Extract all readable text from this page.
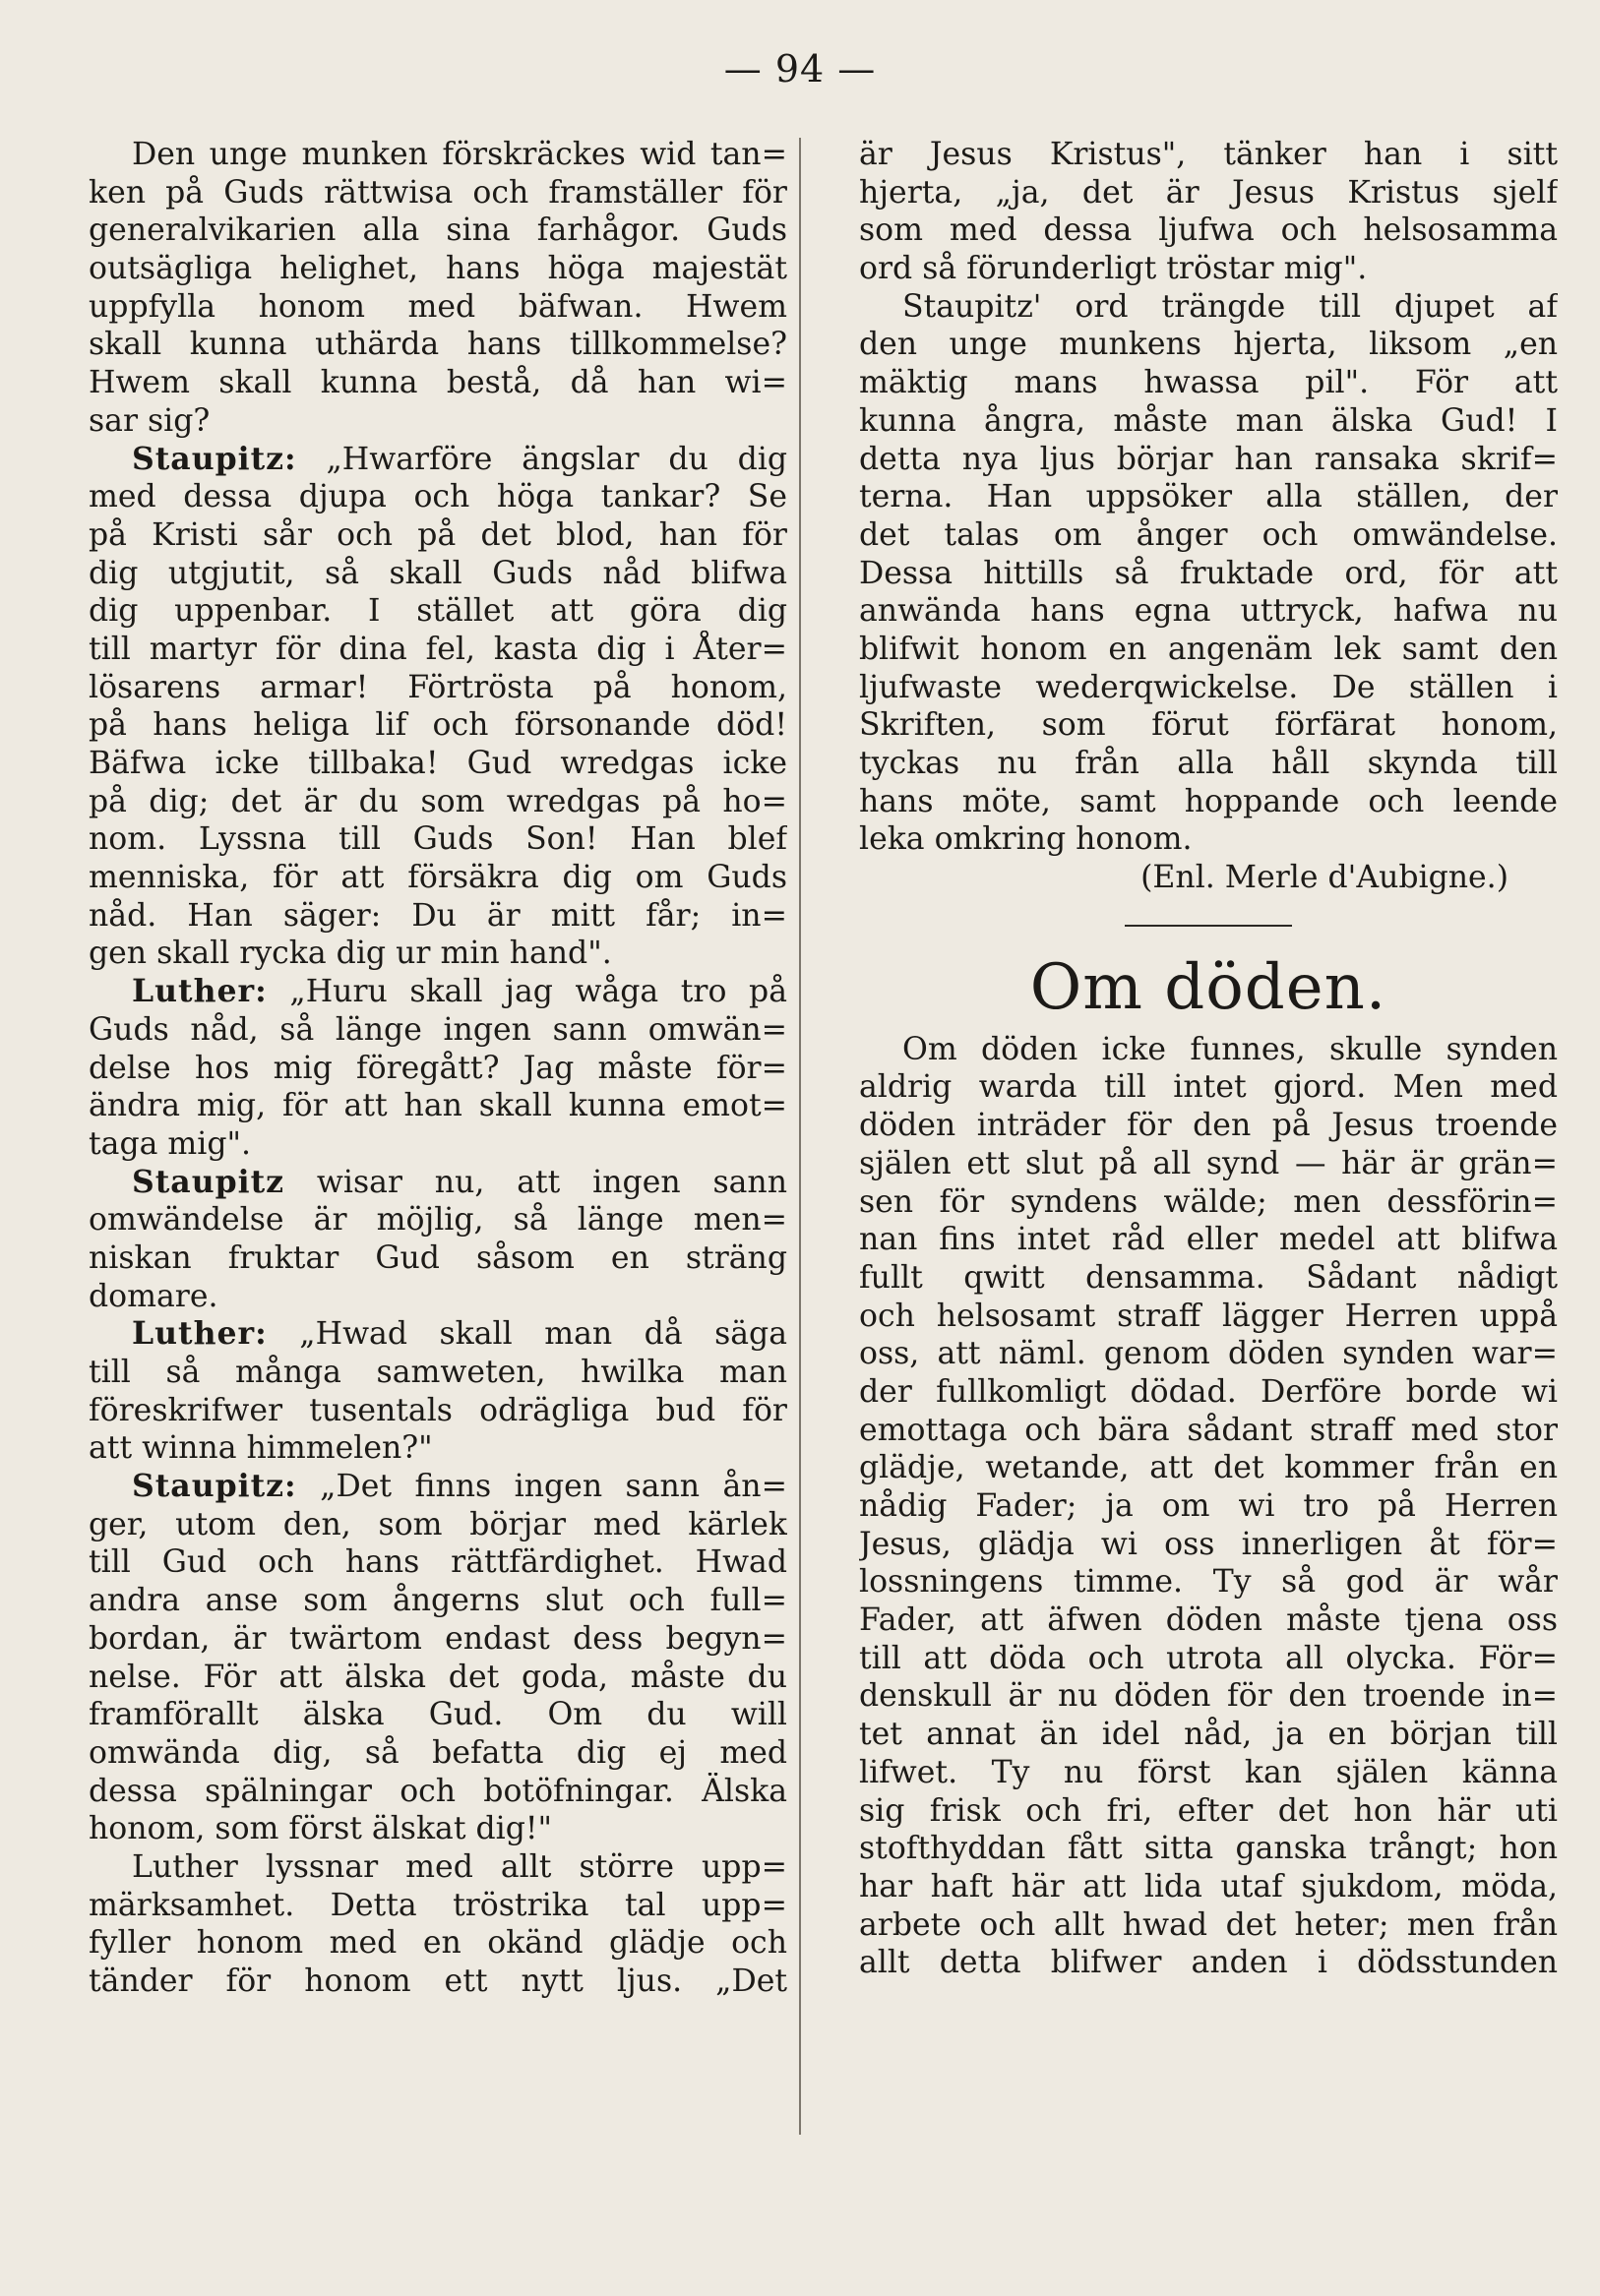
— 94 —
Den unge munken förskräckes wid tan=
ken på Guds rättwisa och framställer för
generalvikarien alla sina farhågor. Guds
outsägliga helighet, hans höga majestät
uppfylla honom med bäfwan. Hwem
skall kunna uthärda hans tillkommelse?
Hwem skall kunna bestå, då han wi=
sar sig?
Staupitz: „Hwarföre ängslar du dig
med dessa djupa och höga tankar? Se
på Kristi sår och på det blod, han för
dig utgjutit, så skall Guds nåd blifwa
dig uppenbar. I stället att göra dig
till martyr för dina fel, kasta dig i Åter=
lösarens armar! Förtrösta på honom,
på hans heliga lif och försonande död!
Bäfwa icke tillbaka! Gud wredgas icke
på dig; det är du som wredgas på ho=
nom. Lyssna till Guds Son! Han blef
menniska, för att försäkra dig om Guds
nåd. Han säger: Du är mitt får; in=
gen skall rycka dig ur min hand".
Luther: „Huru skall jag wåga tro på
Guds nåd, så länge ingen sann omwän=
delse hos mig föregått? Jag måste för=
ändra mig, för att han skall kunna emot=
taga mig".
Staupitz wisar nu, att ingen sann
omwändelse är möjlig, så länge men=
niskan fruktar Gud såsom en sträng
domare.
Luther: „Hwad skall man då säga
till så många samweten, hwilka man
föreskrifwer tusentals odrägliga bud för
att winna himmelen?"
Staupitz: „Det finns ingen sann ån=
ger, utom den, som börjar med kärlek
till Gud och hans rättfärdighet. Hwad
andra anse som ångerns slut och full=
bordan, är twärtom endast dess begyn=
nelse. För att älska det goda, måste du
framförallt älska Gud. Om du will
omwända dig, så befatta dig ej med
dessa spälningar och botöfningar. Älska
honom, som först älskat dig!"
Luther lyssnar med allt större upp=
märksamhet. Detta tröstrika tal upp=
fyller honom med en okänd glädje och
tänder för honom ett nytt ljus. „Det
är Jesus Kristus", tänker han i sitt
hjerta, „ja, det är Jesus Kristus sjelf
som med dessa ljufwa och helsosamma
ord så förunderligt tröstar mig".
Staupitz' ord trängde till djupet af
den unge munkens hjerta, liksom „en
mäktig mans hwassa pil". För att
kunna ångra, måste man älska Gud! I
detta nya ljus börjar han ransaka skrif=
terna. Han uppsöker alla ställen, der
det talas om ånger och omwändelse.
Dessa hittills så fruktade ord, för att
anwända hans egna uttryck, hafwa nu
blifwit honom en angenäm lek samt den
ljufwaste wederqwickelse. De ställen i
Skriften, som förut förfärat honom,
tyckas nu från alla håll skynda till
hans möte, samt hoppande och leende
leka omkring honom.
(Enl. Merle d'Aubigne.)
Om döden.
Om döden icke funnes, skulle synden
aldrig warda till intet gjord. Men med
döden inträder för den på Jesus troende
själen ett slut på all synd — här är grän=
sen för syndens wälde; men dessförin=
nan fins intet råd eller medel att blifwa
fullt qwitt densamma. Sådant nådigt
och helsosamt straff lägger Herren uppå
oss, att näml. genom döden synden war=
der fullkomligt dödad. Derföre borde wi
emottaga och bära sådant straff med stor
glädje, wetande, att det kommer från en
nådig Fader; ja om wi tro på Herren
Jesus, glädja wi oss innerligen åt för=
lossningens timme. Ty så god är wår
Fader, att äfwen döden måste tjena oss
till att döda och utrota all olycka. För=
denskull är nu döden för den troende in=
tet annat än idel nåd, ja en början till
lifwet. Ty nu först kan själen känna
sig frisk och fri, efter det hon här uti
stofthyddan fått sitta ganska trångt; hon
har haft här att lida utaf sjukdom, möda,
arbete och allt hwad det heter; men från
allt detta blifwer anden i dödsstunden
